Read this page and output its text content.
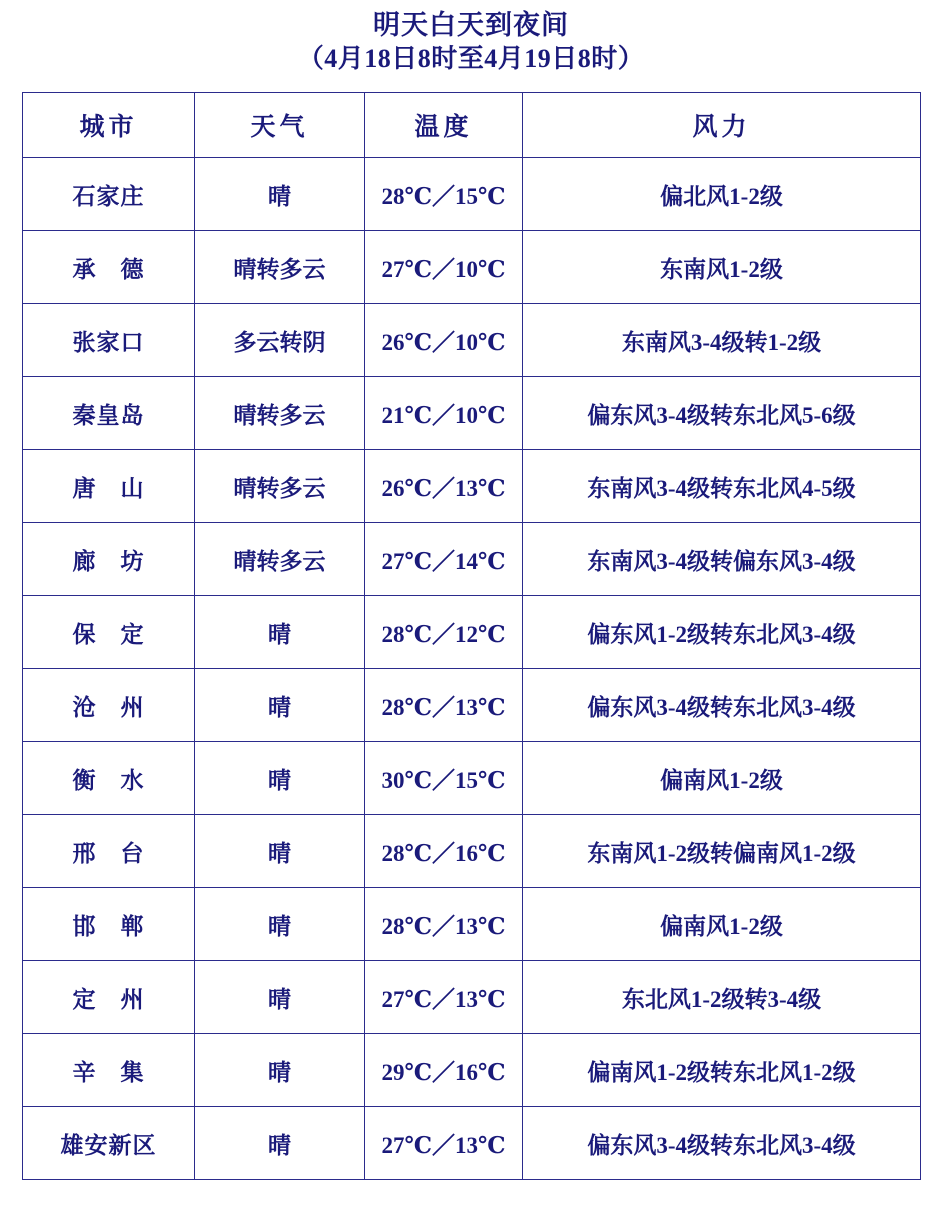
明天白天到夜间
（4月18日8时至4月19日8时）
城市	天气	温度	风力
石家庄	晴	28℃／15℃	偏北风1-2级
承　德	晴转多云	27℃／10℃	东南风1-2级
张家口	多云转阴	26℃／10℃	东南风3-4级转1-2级
秦皇岛	晴转多云	21℃／10℃	偏东风3-4级转东北风5-6级
唐　山	晴转多云	26℃／13℃	东南风3-4级转东北风4-5级
廊　坊	晴转多云	27℃／14℃	东南风3-4级转偏东风3-4级
保　定	晴	28℃／12℃	偏东风1-2级转东北风3-4级
沧　州	晴	28℃／13℃	偏东风3-4级转东北风3-4级
衡　水	晴	30℃／15℃	偏南风1-2级
邢　台	晴	28℃／16℃	东南风1-2级转偏南风1-2级
邯　郸	晴	28℃／13℃	偏南风1-2级
定　州	晴	27℃／13℃	东北风1-2级转3-4级
辛　集	晴	29℃／16℃	偏南风1-2级转东北风1-2级
雄安新区	晴	27℃／13℃	偏东风3-4级转东北风3-4级
